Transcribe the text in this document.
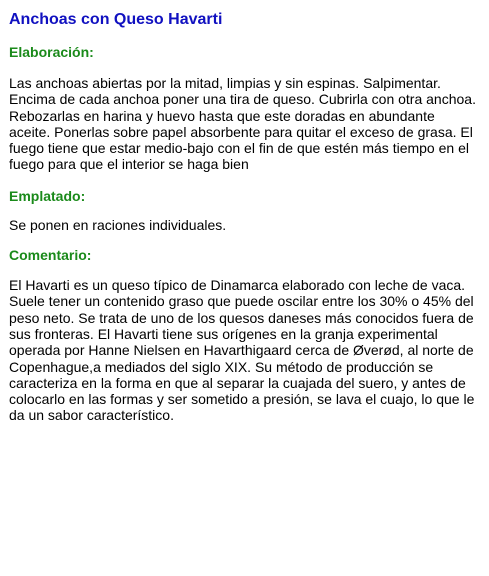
Anchoas con Queso Havarti
Elaboración:

Las anchoas abiertas por la mitad, limpias y sin espinas. Salpimentar. Encima de cada anchoa poner una tira de queso. Cubrirla con otra anchoa. Rebozarlas en harina y huevo hasta que este doradas en abundante aceite. Ponerlas sobre papel absorbente para quitar el exceso de grasa. El fuego tiene que estar medio-bajo con el fin de que estén más tiempo en el fuego para que el interior se haga bien

Emplatado:

Se ponen en raciones individuales.

Comentario:

El Havarti es un queso típico de Dinamarca elaborado con leche de vaca. Suele tener un contenido graso que puede oscilar entre los 30% o 45% del peso neto. Se trata de uno de los quesos daneses más conocidos fuera de sus fronteras. El Havarti tiene sus orígenes en la granja experimental operada por Hanne Nielsen en Havarthigaard cerca de Øverød, al norte de Copenhague,a mediados del siglo XIX. Su método de producción se caracteriza en la forma en que al separar la cuajada del suero, y antes de colocarlo en las formas y ser sometido a presión, se lava el cuajo, lo que le da un sabor característico.
